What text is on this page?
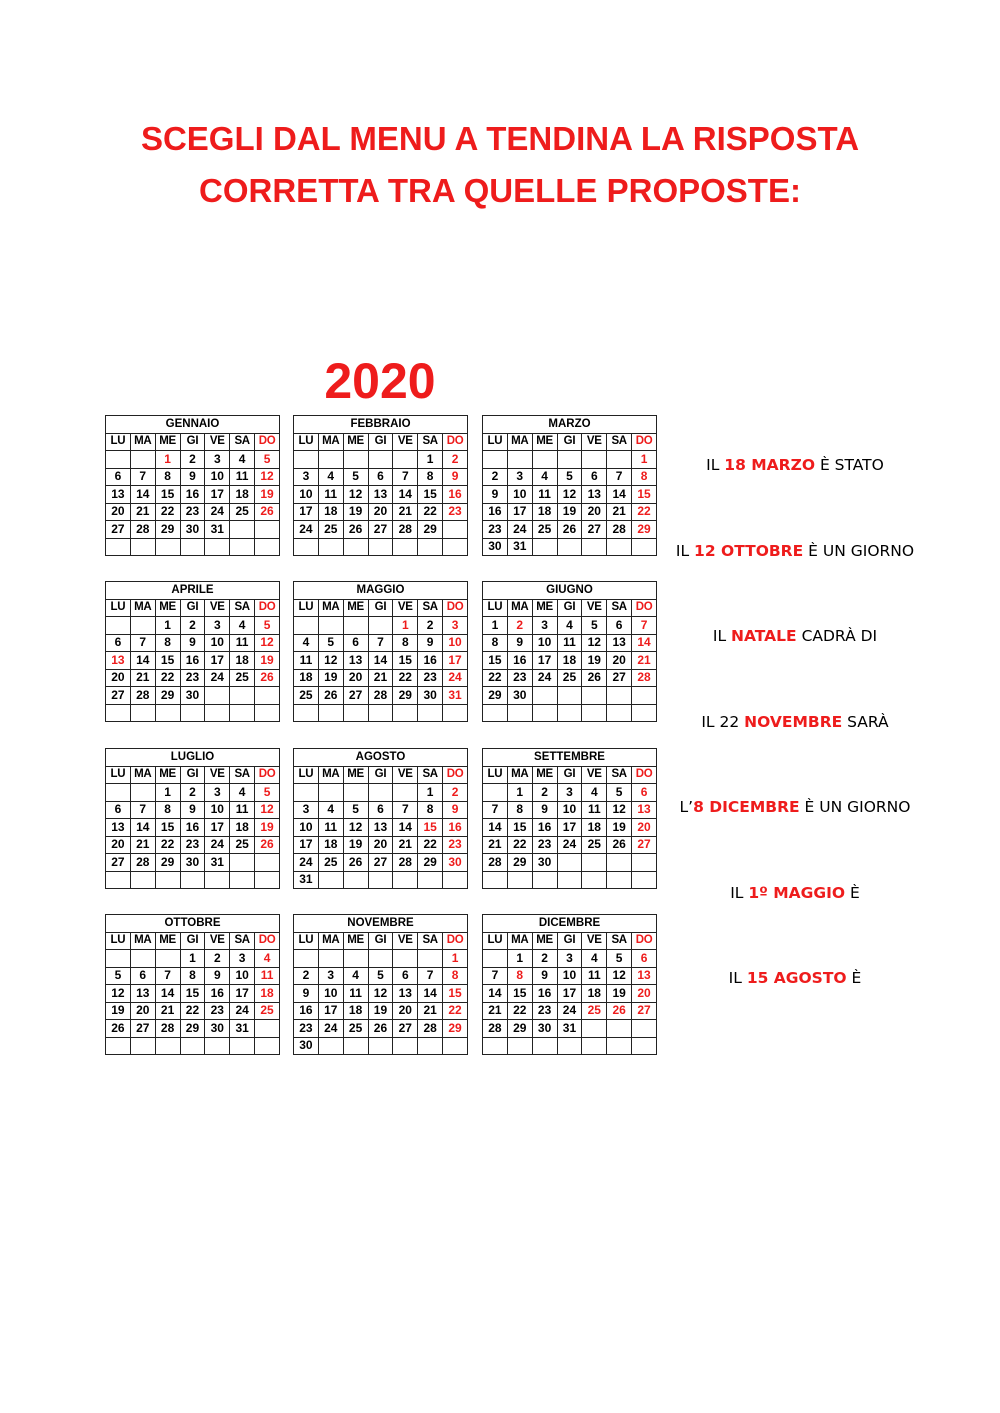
SCEGLI DAL MENU A TENDINA LA RISPOSTA
CORRETTA TRA QUELLE PROPOSTE:
2020
GENNAIO						
LU	MA	ME	GI	VE	SA	DO
		1	2	3	4	5
6	7	8	9	10	11	12
13	14	15	16	17	18	19
20	21	22	23	24	25	26
27	28	29	30	31		

FEBBRAIO						
LU	MA	ME	GI	VE	SA	DO
					1	2
3	4	5	6	7	8	9
10	11	12	13	14	15	16
17	18	19	20	21	22	23
24	25	26	27	28	29	

MARZO						
LU	MA	ME	GI	VE	SA	DO
						1
2	3	4	5	6	7	8
9	10	11	12	13	14	15
16	17	18	19	20	21	22
23	24	25	26	27	28	29
30	31					
APRILE						
LU	MA	ME	GI	VE	SA	DO
		1	2	3	4	5
6	7	8	9	10	11	12
13	14	15	16	17	18	19
20	21	22	23	24	25	26
27	28	29	30			

MAGGIO						
LU	MA	ME	GI	VE	SA	DO
				1	2	3
4	5	6	7	8	9	10
11	12	13	14	15	16	17
18	19	20	21	22	23	24
25	26	27	28	29	30	31

GIUGNO						
LU	MA	ME	GI	VE	SA	DO
1	2	3	4	5	6	7
8	9	10	11	12	13	14
15	16	17	18	19	20	21
22	23	24	25	26	27	28
29	30					

LUGLIO						
LU	MA	ME	GI	VE	SA	DO
		1	2	3	4	5
6	7	8	9	10	11	12
13	14	15	16	17	18	19
20	21	22	23	24	25	26
27	28	29	30	31		

AGOSTO						
LU	MA	ME	GI	VE	SA	DO
					1	2
3	4	5	6	7	8	9
10	11	12	13	14	15	16
17	18	19	20	21	22	23
24	25	26	27	28	29	30
31						
SETTEMBRE						
LU	MA	ME	GI	VE	SA	DO
	1	2	3	4	5	6
7	8	9	10	11	12	13
14	15	16	17	18	19	20
21	22	23	24	25	26	27
28	29	30				

OTTOBRE						
LU	MA	ME	GI	VE	SA	DO
			1	2	3	4
5	6	7	8	9	10	11
12	13	14	15	16	17	18
19	20	21	22	23	24	25
26	27	28	29	30	31	

NOVEMBRE						
LU	MA	ME	GI	VE	SA	DO
						1
2	3	4	5	6	7	8
9	10	11	12	13	14	15
16	17	18	19	20	21	22
23	24	25	26	27	28	29
30						
DICEMBRE						
LU	MA	ME	GI	VE	SA	DO
	1	2	3	4	5	6
7	8	9	10	11	12	13
14	15	16	17	18	19	20
21	22	23	24	25	26	27
28	29	30	31			

IL 18 MARZO È STATO
IL 12 OTTOBRE È UN GIORNO
IL NATALE CADRÀ DI
IL 22 NOVEMBRE SARÀ
L’8 DICEMBRE È UN GIORNO
IL 1º MAGGIO È
IL 15 AGOSTO È
